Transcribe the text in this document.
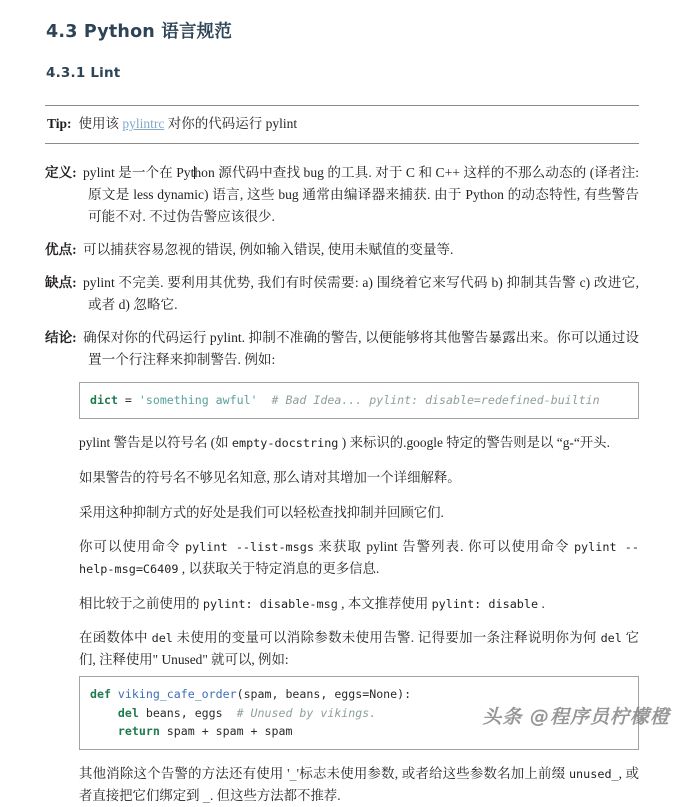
4.3 Python 语言规范
4.3.1 Lint
Tip: 使用该 pylintrc 对你的代码运行 pylint
定义: pylint 是一个在 Python 源代码中查找 bug 的工具. 对于 C 和 C++ 这样的不那么动态的 (译者注: 原文是 less dynamic) 语言, 这些 bug 通常由编译器来捕获. 由于 Python 的动态特性, 有些警告可能不对. 不过伪告警应该很少.
优点: 可以捕获容易忽视的错误, 例如输入错误, 使用未赋值的变量等.
缺点: pylint 不完美. 要利用其优势, 我们有时侯需要: a) 围绕着它来写代码 b) 抑制其告警 c) 改进它, 或者 d) 忽略它.
结论: 确保对你的代码运行 pylint. 抑制不准确的警告, 以便能够将其他警告暴露出来。你可以通过设置一个行注释来抑制警告. 例如:
dict = 'something awful' # Bad Idea... pylint: disable=redefined-builtin
pylint 警告是以符号名 (如 empty-docstring ) 来标识的.google 特定的警告则是以 “g-“开头.
如果警告的符号名不够见名知意, 那么请对其增加一个详细解释。
采用这种抑制方式的好处是我们可以轻松查找抑制并回顾它们.
你可以使用命令 pylint --list-msgs 来获取 pylint 告警列表. 你可以使用命令 pylint --help-msg=C6409 , 以获取关于特定消息的更多信息.
相比较于之前使用的 pylint: disable-msg , 本文推荐使用 pylint: disable .
在函数体中 del 未使用的变量可以消除参数未使用告警. 记得要加一条注释说明你为何 del 它们, 注释使用" Unused" 就可以, 例如:
def viking_cafe_order(spam, beans, eggs=None):
del beans, eggs  # Unused by vikings.
return spam + spam + spam
其他消除这个告警的方法还有使用 '_'标志未使用参数, 或者给这些参数名加上前缀 unused_, 或者直接把它们绑定到 _. 但这些方法都不推荐.
头条 @程序员柠檬橙
